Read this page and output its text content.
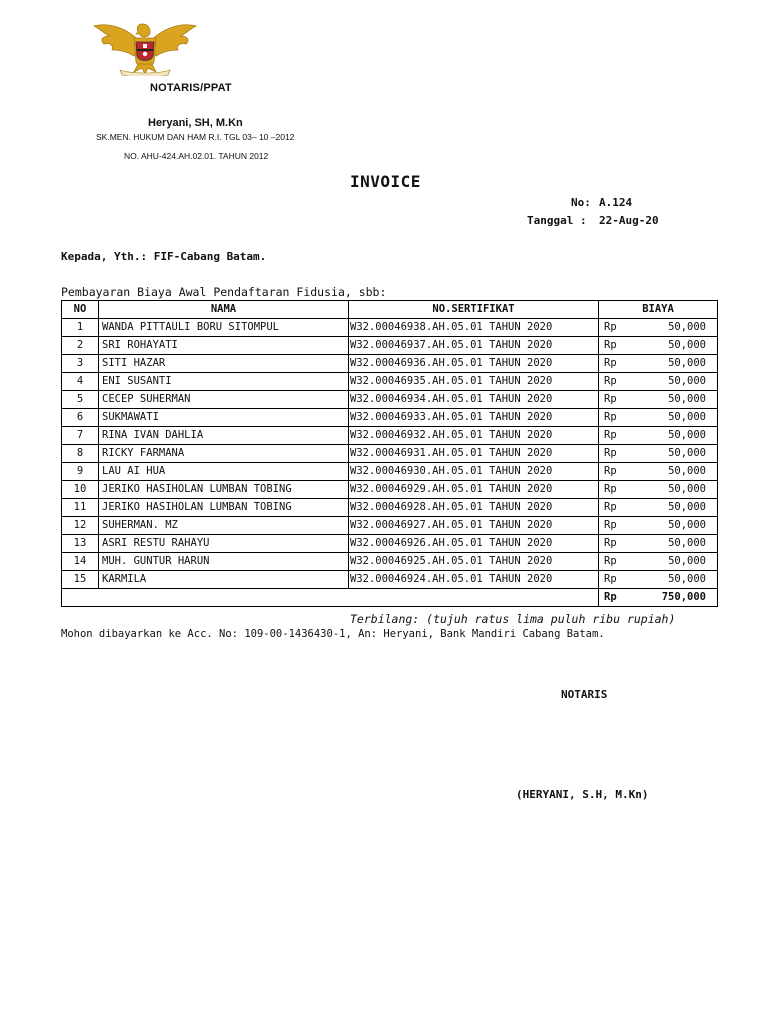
NOTARIS/PPAT
Heryani, SH, M.Kn
SK.MEN. HUKUM DAN HAM R.I. TGL 03– 10 –2012
NO. AHU-424.AH.02.01. TAHUN 2012
INVOICE
No: A.124
Tanggal : 22-Aug-20
Kepada, Yth.: FIF-Cabang Batam.
Pembayaran Biaya Awal Pendaftaran Fidusia, sbb:
NO	NAMA	NO.SERTIFIKAT	BIAYA
1	WANDA PITTAULI BORU SITOMPUL	W32.00046938.AH.05.01 TAHUN 2020	Rp 50,000

2	SRI ROHAYATI	W32.00046937.AH.05.01 TAHUN 2020	Rp 50,000

3	SITI HAZAR	W32.00046936.AH.05.01 TAHUN 2020	Rp 50,000

4	ENI SUSANTI	W32.00046935.AH.05.01 TAHUN 2020	Rp 50,000

5	CECEP SUHERMAN	W32.00046934.AH.05.01 TAHUN 2020	Rp 50,000

6	SUKMAWATI	W32.00046933.AH.05.01 TAHUN 2020	Rp 50,000

7	RINA IVAN DAHLIA	W32.00046932.AH.05.01 TAHUN 2020	Rp 50,000

8	RICKY FARMANA	W32.00046931.AH.05.01 TAHUN 2020	Rp 50,000

9	LAU AI HUA	W32.00046930.AH.05.01 TAHUN 2020	Rp 50,000

10	JERIKO HASIHOLAN LUMBAN TOBING	W32.00046929.AH.05.01 TAHUN 2020	Rp 50,000

11	JERIKO HASIHOLAN LUMBAN TOBING	W32.00046928.AH.05.01 TAHUN 2020	Rp 50,000

12	SUHERMAN. MZ	W32.00046927.AH.05.01 TAHUN 2020	Rp 50,000

13	ASRI RESTU RAHAYU	W32.00046926.AH.05.01 TAHUN 2020	Rp 50,000

14	MUH. GUNTUR HARUN	W32.00046925.AH.05.01 TAHUN 2020	Rp 50,000

15	KARMILA	W32.00046924.AH.05.01 TAHUN 2020	Rp 50,000

			Rp 750,000
Terbilang: (tujuh ratus lima puluh ribu rupiah)
Mohon dibayarkan ke Acc. No: 109-00-1436430-1, An: Heryani, Bank Mandiri Cabang Batam.
NOTARIS
(HERYANI, S.H, M.Kn)
